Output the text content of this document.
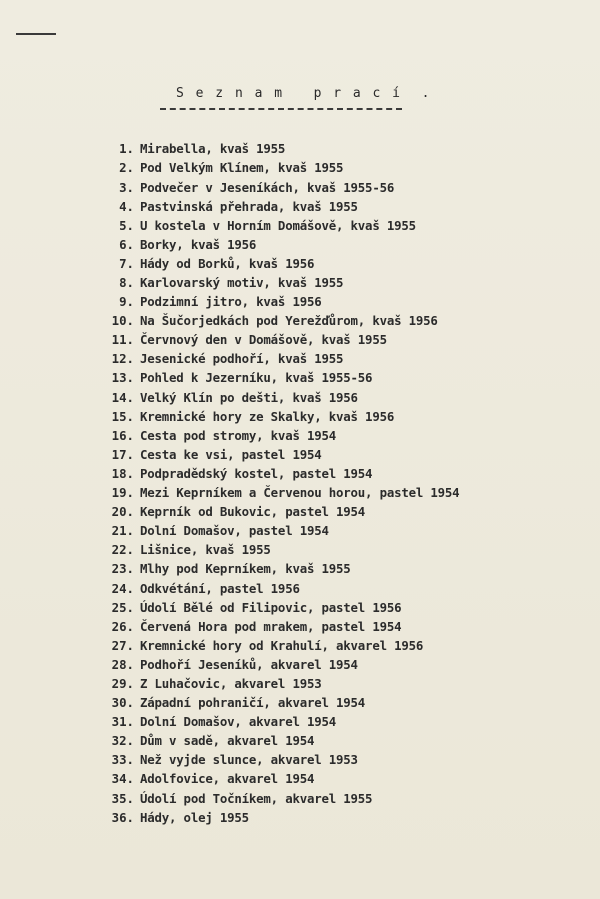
S e z n a m   p r a c í  .
1. Mirabella, kvaš 1955
2. Pod Velkým Klínem, kvaš 1955
3. Podvečer v Jeseníkách, kvaš 1955-56
4. Pastvinská přehrada, kvaš 1955
5. U kostela v Horním Domášově, kvaš 1955
6. Borky, kvaš 1956
7. Hády od Borků, kvaš 1956
8. Karlovarský motiv, kvaš 1955
9. Podzimní jitro, kvaš 1956
10. Na Šučorjedkách pod Yerežďůrom, kvaš 1956
11. Červnový den v Domášově, kvaš 1955
12. Jesenické podhoří, kvaš 1955
13. Pohled k Jezerníku, kvaš 1955-56
14. Velký Klín po dešti, kvaš 1956
15. Kremnické hory ze Skalky, kvaš 1956
16. Cesta pod stromy, kvaš 1954
17. Cesta ke vsi, pastel 1954
18. Podpradědský kostel, pastel 1954
19. Mezi Keprníkem a Červenou horou, pastel 1954
20. Keprník od Bukovic, pastel 1954
21. Dolní Domašov, pastel 1954
22. Lišnice, kvaš 1955
23. Mlhy pod Keprníkem, kvaš 1955
24. Odkvétání, pastel 1956
25. Údolí Bělé od Filipovic, pastel 1956
26. Červená Hora pod mrakem, pastel 1954
27. Kremnické hory od Krahulí, akvarel 1956
28. Podhoří Jeseníků, akvarel 1954
29. Z Luhačovic, akvarel 1953
30. Západní pohraničí, akvarel 1954
31. Dolní Domašov, akvarel 1954
32. Dům v sadě, akvarel 1954
33. Než vyjde slunce, akvarel 1953
34. Adolfovice, akvarel 1954
35. Údolí pod Točníkem, akvarel 1955
36. Hády, olej 1955
